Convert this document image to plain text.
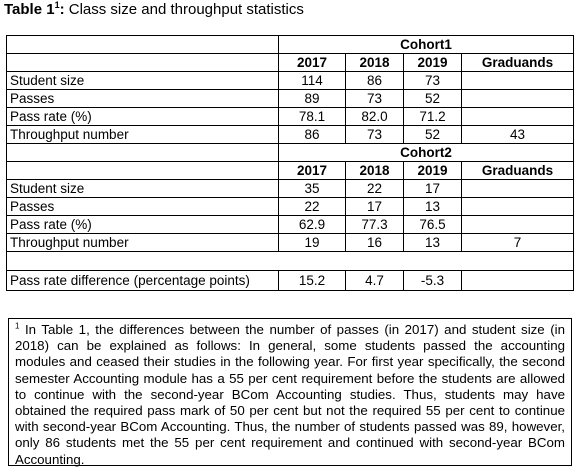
Table $1^1$: Class size and throughput statistics
	Cohort1			
	2017	2018	2019	Graduands
Student size	114	86	73	
Passes	89	73	52	
Pass rate (%)	78.1	82.0	71.2	
Throughput number	86	73	52	43
	Cohort2			
	2017	2018	2019	Graduands
Student size	35	22	17	
Passes	22	17	13	
Pass rate (%)	62.9	77.3	76.5	
Throughput number	19	16	13	7

Pass rate difference (percentage points)	15.2	4.7	-5.3	

$^1$ In Table 1, the differences between the number of passes (in 2017) and student size (in 2018) can be explained as follows: In general, some students passed the accounting modules and ceased their studies in the following year. For first year specifically, the second semester Accounting module has a 55 per cent requirement before the students are allowed to continue with the second-year BCom Accounting studies. Thus, students may have obtained the required pass mark of 50 per cent but not the required 55 per cent to continue with second-year BCom Accounting. Thus, the number of students passed was 89, however, only 86 students met the 55 per cent requirement and continued with second-year BCom Accounting.
